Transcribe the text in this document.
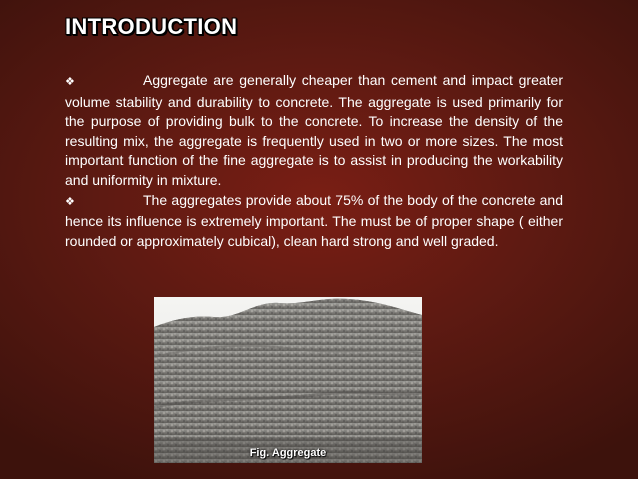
INTRODUCTION

❖	Aggregate are generally cheaper than cement and impact greater volume stability and durability to concrete. The aggregate is used primarily for the purpose of providing bulk to the concrete. To increase the density of the resulting mix, the aggregate is frequently used in two or more sizes. The most important function of the fine aggregate is to assist in producing the workability and uniformity in mixture.

❖	The aggregates provide about 75% of the body of the concrete and hence its influence is extremely important. The must be of proper shape ( either rounded or approximately cubical), clean hard strong and well graded.

Fig. Aggregate
